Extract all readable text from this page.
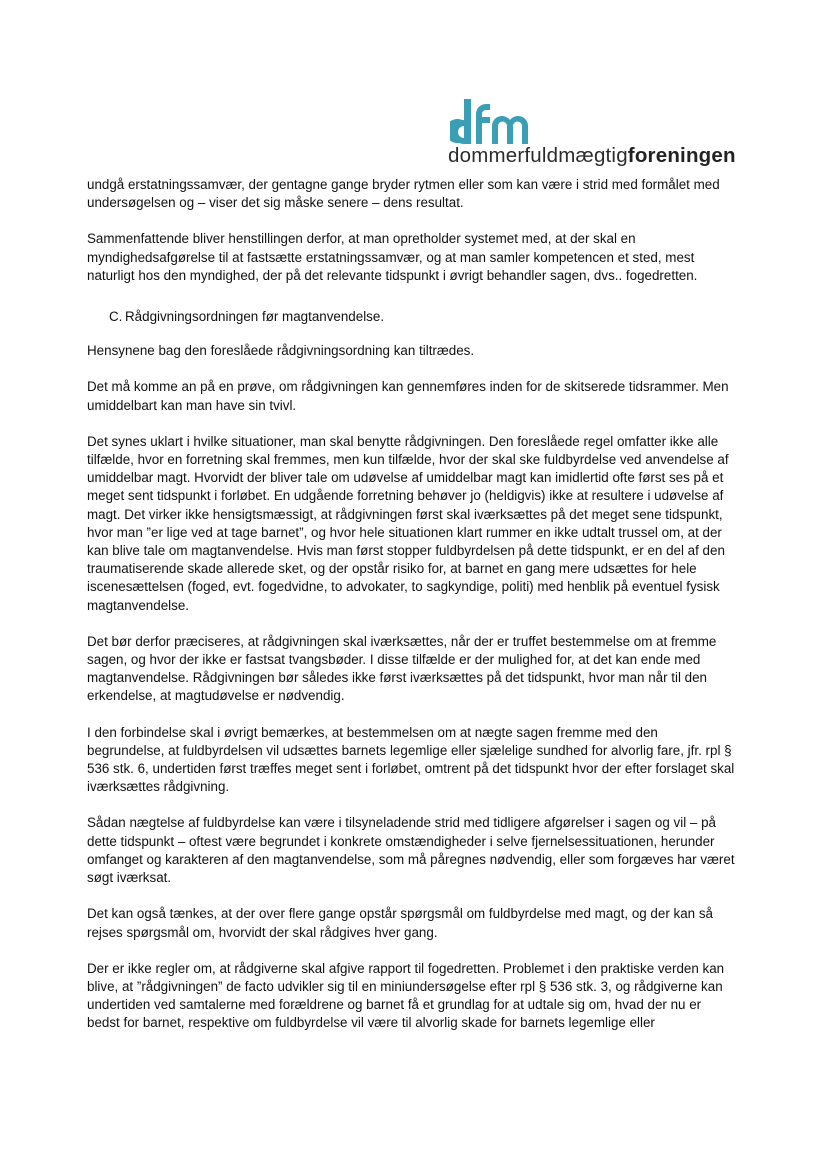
dommerfuldmægtigforeningen

undgå erstatningssamvær, der gentagne gange bryder rytmen eller som kan være i strid med formålet med undersøgelsen og – viser det sig måske senere – dens resultat.

Sammenfattende bliver henstillingen derfor, at man opretholder systemet med, at der skal en myndighedsafgørelse til at fastsætte erstatningssamvær, og at man samler kompetencen et sted, mest naturligt hos den myndighed, der på det relevante tidspunkt i øvrigt behandler sagen, dvs.. fogedretten.

C. Rådgivningsordningen før magtanvendelse.

Hensynene bag den foreslåede rådgivningsordning kan tiltrædes.

Det må komme an på en prøve, om rådgivningen kan gennemføres inden for de skitserede tidsrammer. Men umiddelbart kan man have sin tvivl.

Det synes uklart i hvilke situationer, man skal benytte rådgivningen. Den foreslåede regel omfatter ikke alle tilfælde, hvor en forretning skal fremmes, men kun tilfælde, hvor der skal ske fuldbyrdelse ved anvendelse af umiddelbar magt. Hvorvidt der bliver tale om udøvelse af umiddelbar magt kan imidlertid ofte først ses på et meget sent tidspunkt i forløbet. En udgående forretning behøver jo (heldigvis) ikke at resultere i udøvelse af magt. Det virker ikke hensigtsmæssigt, at rådgivningen først skal iværksættes på det meget sene tidspunkt, hvor man ”er lige ved at tage barnet”, og hvor hele situationen klart rummer en ikke udtalt trussel om, at der kan blive tale om magtanvendelse. Hvis man først stopper fuldbyrdelsen på dette tidspunkt, er en del af den traumatiserende skade allerede sket, og der opstår risiko for, at barnet en gang mere udsættes for hele iscenesættelsen (foged, evt. fogedvidne, to advokater, to sagkyndige, politi) med henblik på eventuel fysisk magtanvendelse.

Det bør derfor præciseres, at rådgivningen skal iværksættes, når der er truffet bestemmelse om at fremme sagen, og hvor der ikke er fastsat tvangsbøder. I disse tilfælde er der mulighed for, at det kan ende med magtanvendelse. Rådgivningen bør således ikke først iværksættes på det tidspunkt, hvor man når til den erkendelse, at magtudøvelse er nødvendig.

I den forbindelse skal i øvrigt bemærkes, at bestemmelsen om at nægte sagen fremme med den begrundelse, at fuldbyrdelsen vil udsættes barnets legemlige eller sjælelige sundhed for alvorlig fare, jfr. rpl § 536 stk. 6, undertiden først træffes meget sent i forløbet, omtrent på det tidspunkt hvor der efter forslaget skal iværksættes rådgivning.

Sådan nægtelse af fuldbyrdelse kan være i tilsyneladende strid med tidligere afgørelser i sagen og vil – på dette tidspunkt – oftest være begrundet i konkrete omstændigheder i selve fjernelsessituationen, herunder omfanget og karakteren af den magtanvendelse, som må påregnes nødvendig, eller som forgæves har været søgt iværksat.

Det kan også tænkes, at der over flere gange opstår spørgsmål om fuldbyrdelse med magt, og der kan så rejses spørgsmål om, hvorvidt der skal rådgives hver gang.

Der er ikke regler om, at rådgiverne skal afgive rapport til fogedretten. Problemet i den praktiske verden kan blive, at ”rådgivningen” de facto udvikler sig til en miniundersøgelse efter rpl § 536 stk. 3, og rådgiverne kan undertiden ved samtalerne med forældrene og barnet få et grundlag for at udtale sig om, hvad der nu er bedst for barnet, respektive om fuldbyrdelse vil være til alvorlig skade for barnets legemlige eller
